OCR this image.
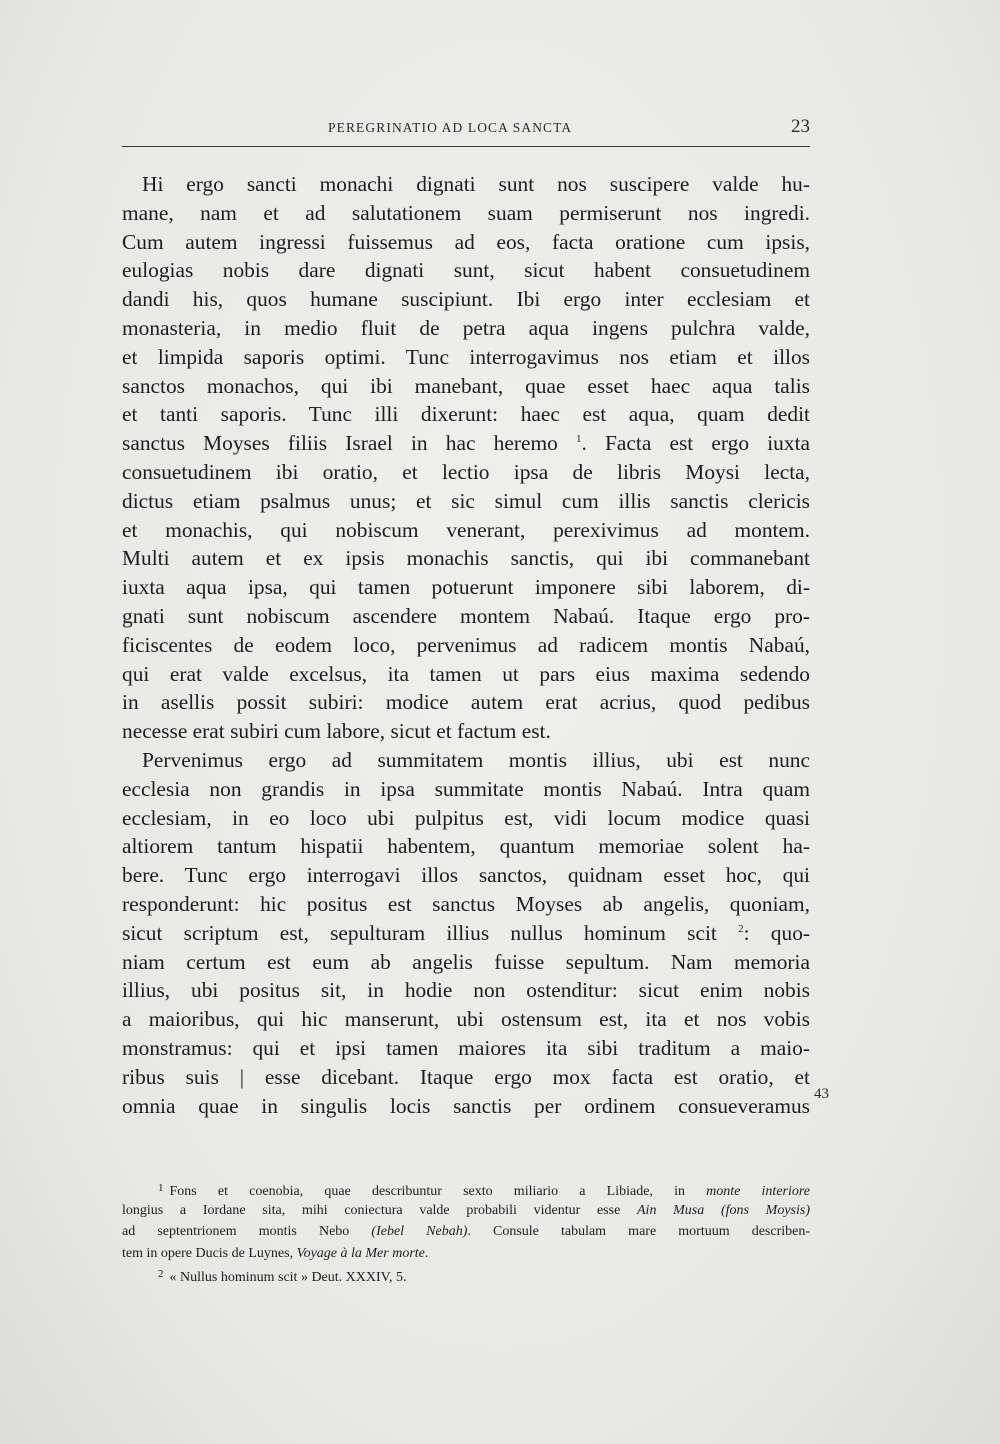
PEREGRINATIO AD LOCA SANCTA	23
Hi ergo sancti monachi dignati sunt nos suscipere valde hu-
mane, nam et ad salutationem suam permiserunt nos ingredi.
Cum autem ingressi fuissemus ad eos, facta oratione cum ipsis,
eulogias nobis dare dignati sunt, sicut habent consuetudinem
dandi his, quos humane suscipiunt. Ibi ergo inter ecclesiam et
monasteria, in medio fluit de petra aqua ingens pulchra valde,
et limpida saporis optimi. Tunc interrogavimus nos etiam et illos
sanctos monachos, qui ibi manebant, quae esset haec aqua talis
et tanti saporis. Tunc illi dixerunt: haec est aqua, quam dedit
sanctus Moyses filiis Israel in hac heremo $^1$. Facta est ergo iuxta
consuetudinem ibi oratio, et lectio ipsa de libris Moysi lecta,
dictus etiam psalmus unus; et sic simul cum illis sanctis clericis
et monachis, qui nobiscum venerant, perexivimus ad montem.
Multi autem et ex ipsis monachis sanctis, qui ibi commanebant
iuxta aqua ipsa, qui tamen potuerunt imponere sibi laborem, di-
gnati sunt nobiscum ascendere montem Nabaú. Itaque ergo pro-
ficiscentes de eodem loco, pervenimus ad radicem montis Nabaú,
qui erat valde excelsus, ita tamen ut pars eius maxima sedendo
in asellis possit subiri: modice autem erat acrius, quod pedibus
necesse erat subiri cum labore, sicut et factum est.
Pervenimus ergo ad summitatem montis illius, ubi est nunc
ecclesia non grandis in ipsa summitate montis Nabaú. Intra quam
ecclesiam, in eo loco ubi pulpitus est, vidi locum modice quasi
altiorem tantum hispatii habentem, quantum memoriae solent ha-
bere. Tunc ergo interrogavi illos sanctos, quidnam esset hoc, qui
responderunt: hic positus est sanctus Moyses ab angelis, quoniam,
sicut scriptum est, sepulturam illius nullus hominum scit $^2$: quo-
niam certum est eum ab angelis fuisse sepultum. Nam memoria
illius, ubi positus sit, in hodie non ostenditur: sicut enim nobis
a maioribus, qui hic manserunt, ubi ostensum est, ita et nos vobis
monstramus: qui et ipsi tamen maiores ita sibi traditum a maio-
ribus suis | esse dicebant. Itaque ergo mox facta est oratio, et
omnia quae in singulis locis sanctis per ordinem consueveramus 43
$^1$ Fons et coenobia, quae describuntur sexto miliario a Libiade, in monte interiore
longius a Iordane sita, mihi coniectura valde probabili videntur esse Ain Musa (fons Moysis)
ad septentrionem montis Nebo (Iebel Nebah). Consule tabulam mare mortuum describen-
tem in opere Ducis de Luynes, Voyage à la Mer morte.
$^2$ « Nullus hominum scit » Deut. XXXIV, 5.
